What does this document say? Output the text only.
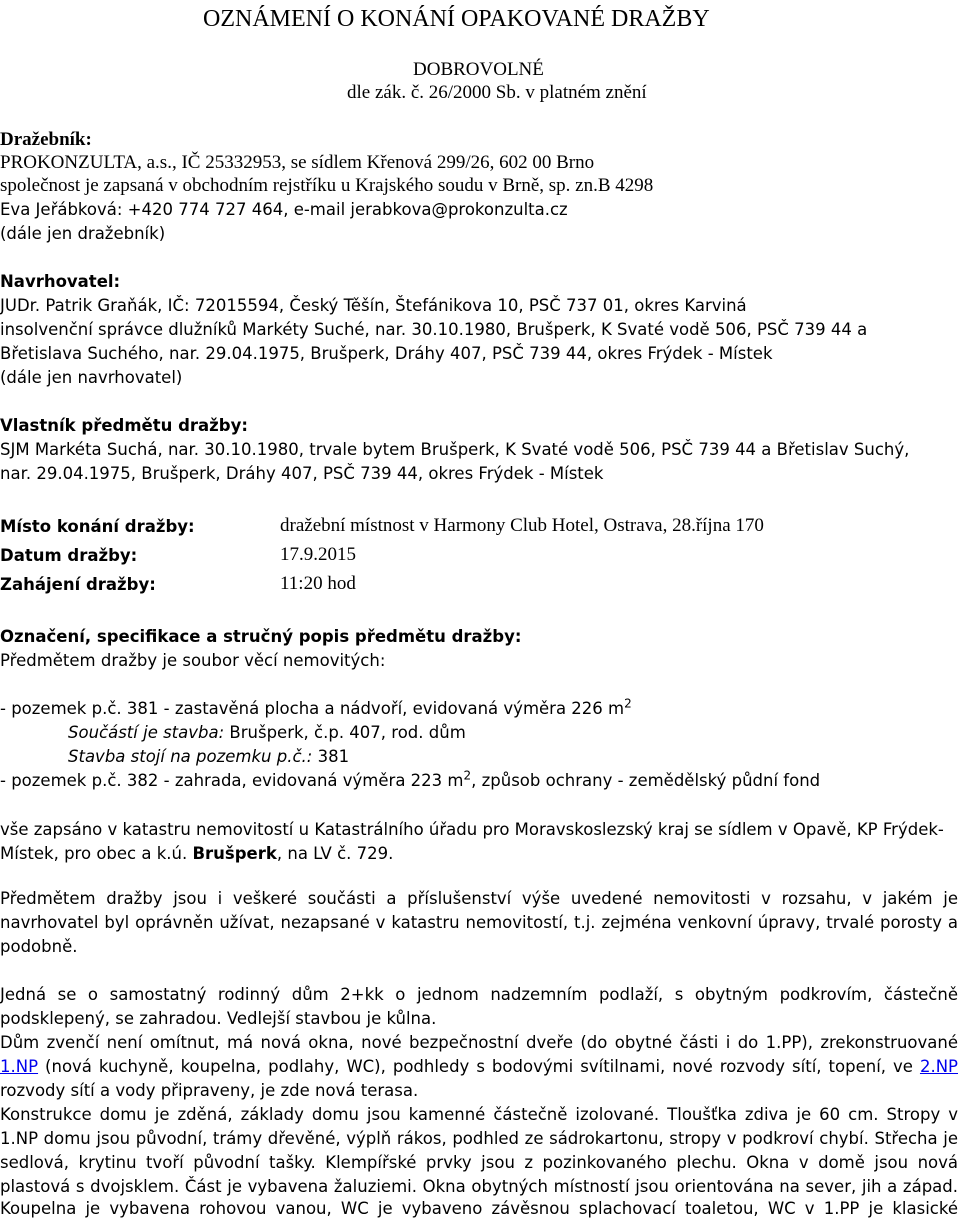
OZNÁMENÍ O KONÁNÍ OPAKOVANÉ DRAŽBY
DOBROVOLNÉ
dle zák. č. 26/2000 Sb. v platném znění
Dražebník:
PROKONZULTA, a.s., IČ 25332953, se sídlem Křenová 299/26, 602 00 Brno
společnost je zapsaná v obchodním rejstříku u Krajského soudu v Brně, sp. zn.B 4298
Eva Jeřábková: +420 774 727 464, e-mail jerabkova@prokonzulta.cz
(dále jen dražebník)
Navrhovatel:
JUDr. Patrik Graňák, IČ: 72015594, Český Těšín, Štefánikova 10, PSČ 737 01, okres Karviná
insolvenční správce dlužníků Markéty Suché, nar. 30.10.1980, Brušperk, K Svaté vodě 506, PSČ 739 44 a
Břetislava Suchého, nar. 29.04.1975, Brušperk, Dráhy 407, PSČ 739 44, okres Frýdek - Místek
(dále jen navrhovatel)
Vlastník předmětu dražby:
SJM Markéta Suchá, nar. 30.10.1980, trvale bytem Brušperk, K Svaté vodě 506, PSČ 739 44 a Břetislav Suchý,
nar. 29.04.1975, Brušperk, Dráhy 407, PSČ 739 44, okres Frýdek - Místek
Místo konání dražby:	dražební místnost v Harmony Club Hotel, Ostrava, 28.října 170
Datum dražby:	17.9.2015
Zahájení dražby:	11:20 hod
Označení, specifikace a stručný popis předmětu dražby:
Předmětem dražby je soubor věcí nemovitých:
- pozemek p.č. 381 - zastavěná plocha a nádvoří, evidovaná výměra 226 $m^2$
Součástí je stavba: Brušperk, č.p. 407, rod. dům
Stavba stojí na pozemku p.č.: 381
- pozemek p.č. 382 - zahrada, evidovaná výměra 223 $m^2$, způsob ochrany - zemědělský půdní fond
vše zapsáno v katastru nemovitostí u Katastrálního úřadu pro Moravskoslezský kraj se sídlem v Opavě, KP Frýdek-
Místek, pro obec a k.ú. Brušperk, na LV č. 729.
Předmětem dražby jsou i veškeré součásti a příslušenství výše uvedené nemovitosti v rozsahu, v jakém je
navrhovatel byl oprávněn užívat, nezapsané v katastru nemovitostí, t.j. zejména venkovní úpravy, trvalé porosty a
podobně.
Jedná se o samostatný rodinný dům 2+kk o jednom nadzemním podlaží, s obytným podkrovím, částečně
podsklepený, se zahradou. Vedlejší stavbou je kůlna.
Dům zvenčí není omítnut, má nová okna, nové bezpečnostní dveře (do obytné části i do 1.PP), zrekonstruované
1.NP (nová kuchyně, koupelna, podlahy, WC), podhledy s bodovými svítilnami, nové rozvody sítí, topení, ve 2.NP
rozvody sítí a vody připraveny, je zde nová terasa.
Konstrukce domu je zděná, základy domu jsou kamenné částečně izolované. Tloušťka zdiva je 60 cm. Stropy v
1.NP domu jsou původní, trámy dřevěné, výplň rákos, podhled ze sádrokartonu, stropy v podkroví chybí. Střecha je
sedlová, krytinu tvoří původní tašky. Klempířské prvky jsou z pozinkovaného plechu. Okna v domě jsou nová
plastová s dvojsklem. Část je vybavena žaluziemi. Okna obytných místností jsou orientována na sever, jih a západ.
Koupelna je vybavena rohovou vanou, WC je vybaveno závěsnou splachovací toaletou, WC v 1.PP je klasické
